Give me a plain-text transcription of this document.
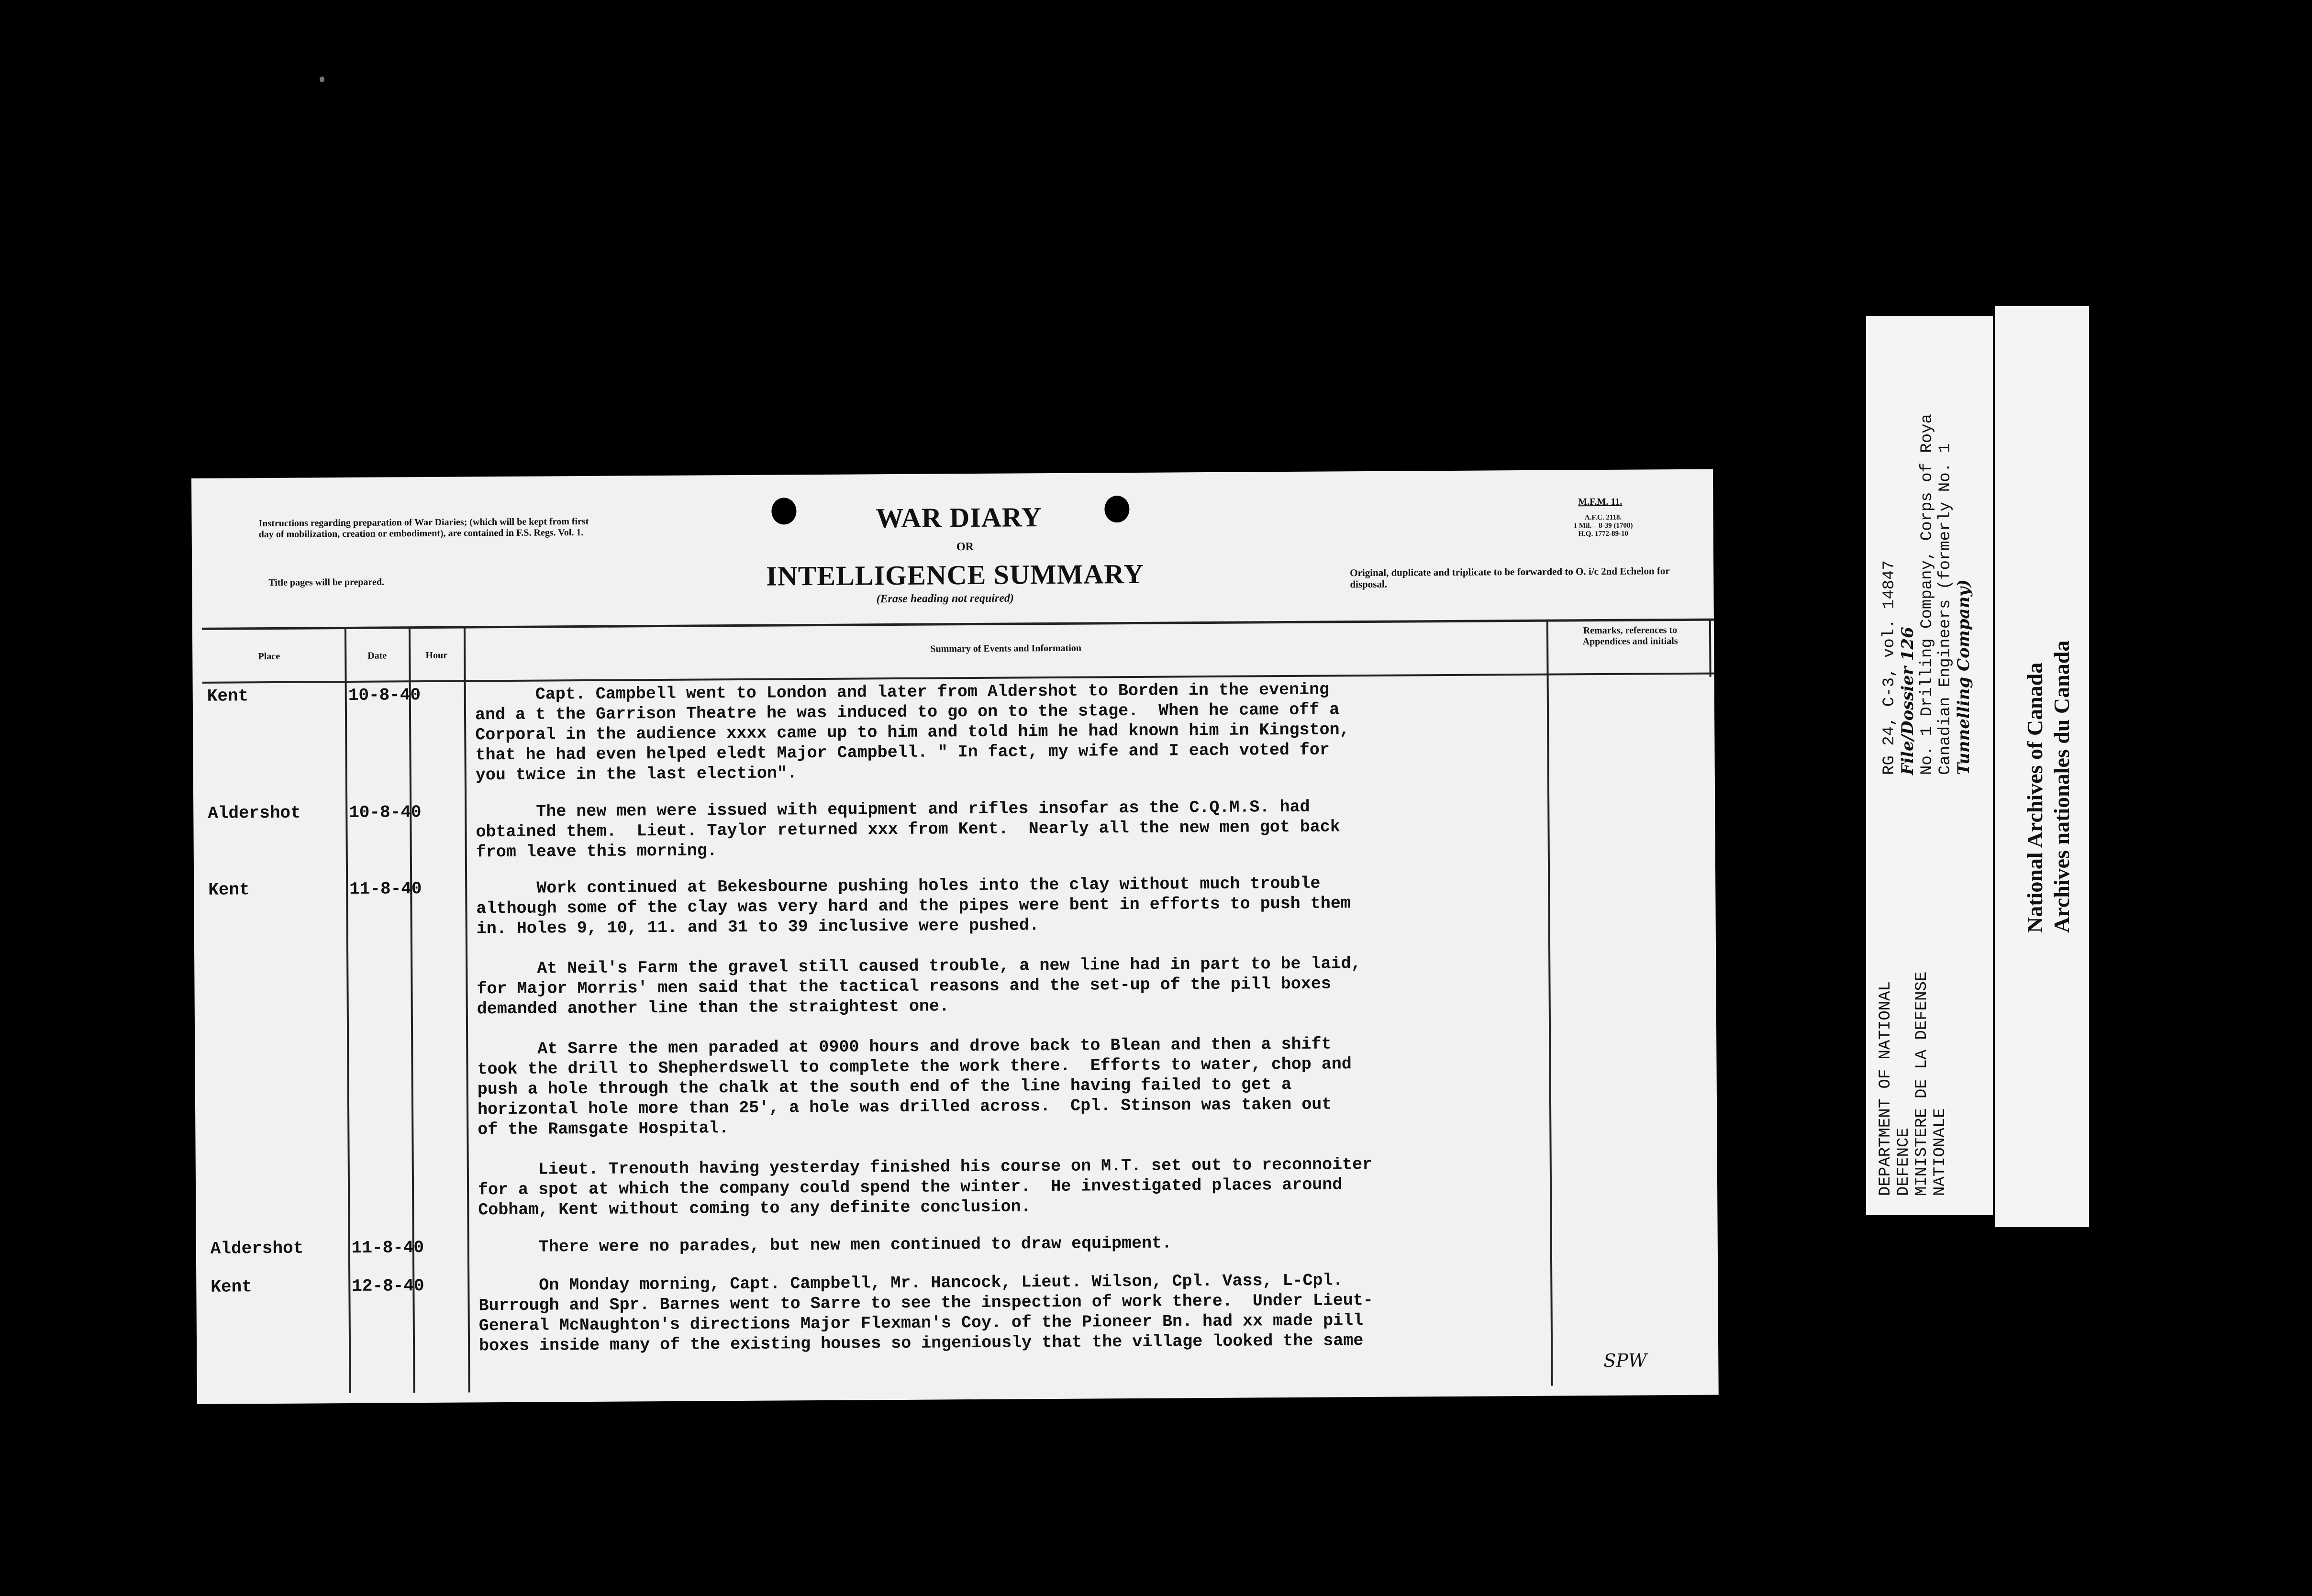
Instructions regarding preparation of War Diaries; (which will be kept from first day of mobilization, creation or embodiment), are contained in F.S. Regs. Vol. 1.
Title pages will be prepared.
WAR DIARY
OR
INTELLIGENCE SUMMARY
(Erase heading not required)
M.F.M. 11.
A.F.C. 2118.
1 Mil.—8-39 (1708)
H.Q. 1772-89-10
Original, duplicate and triplicate to be forwarded to O. i/c 2nd Echelon for disposal.
Place	Date	Hour
Summary of Events and Information
Remarks, references to Appendices and initials
Kent	10-8-40	Capt. Campbell went to London and later from Aldershot to Borden in the evening
and a t the Garrison Theatre he was induced to go on to the stage.  When he came off a
Corporal in the audience xxxx came up to him and told him he had known him in Kingston,
that he had even helped eledt Major Campbell. " In fact, my wife and I each voted for
you twice in the last election".
Aldershot	10-8-40	The new men were issued with equipment and rifles insofar as the C.Q.M.S. had
obtained them.  Lieut. Taylor returned xxx from Kent.  Nearly all the new men got back
from leave this morning.
Kent	11-8-40	Work continued at Bekesbourne pushing holes into the clay without much trouble
although some of the clay was very hard and the pipes were bent in efforts to push them
in. Holes 9, 10, 11. and 31 to 39 inclusive were pushed.
At Neil's Farm the gravel still caused trouble, a new line had in part to be laid,
for Major Morris' men said that the tactical reasons and the set-up of the pill boxes
demanded another line than the straightest one.
At Sarre the men paraded at 0900 hours and drove back to Blean and then a shift
took the drill to Shepherdswell to complete the work there.  Efforts to water, chop and
push a hole through the chalk at the south end of the line having failed to get a
horizontal hole more than 25', a hole was drilled across.  Cpl. Stinson was taken out
of the Ramsgate Hospital.
Lieut. Trenouth having yesterday finished his course on M.T. set out to reconnoiter
for a spot at which the company could spend the winter.  He investigated places around
Cobham, Kent without coming to any definite conclusion.
Aldershot	11-8-40	There were no parades, but new men continued to draw equipment.
Kent	12-8-40	On Monday morning, Capt. Campbell, Mr. Hancock, Lieut. Wilson, Cpl. Vass, L-Cpl.
Burrough and Spr. Barnes went to Sarre to see the inspection of work there.  Under Lieut-
General McNaughton's directions Major Flexman's Coy. of the Pioneer Bn. had xx made pill
boxes inside many of the existing houses so ingeniously that the village looked the same
SPW
DEPARTMENT OF NATIONAL
DEFENCE
MINISTERE DE LA DEFENSE
NATIONALE
RG 24, C-3, vol. 14847
File/Dossier 126
No. 1 Drilling Company, Corps of Roya
Canadian Engineers (formerly No. 1
Tunnelling Company) National Archives of Canada Archives nationales du Canada
